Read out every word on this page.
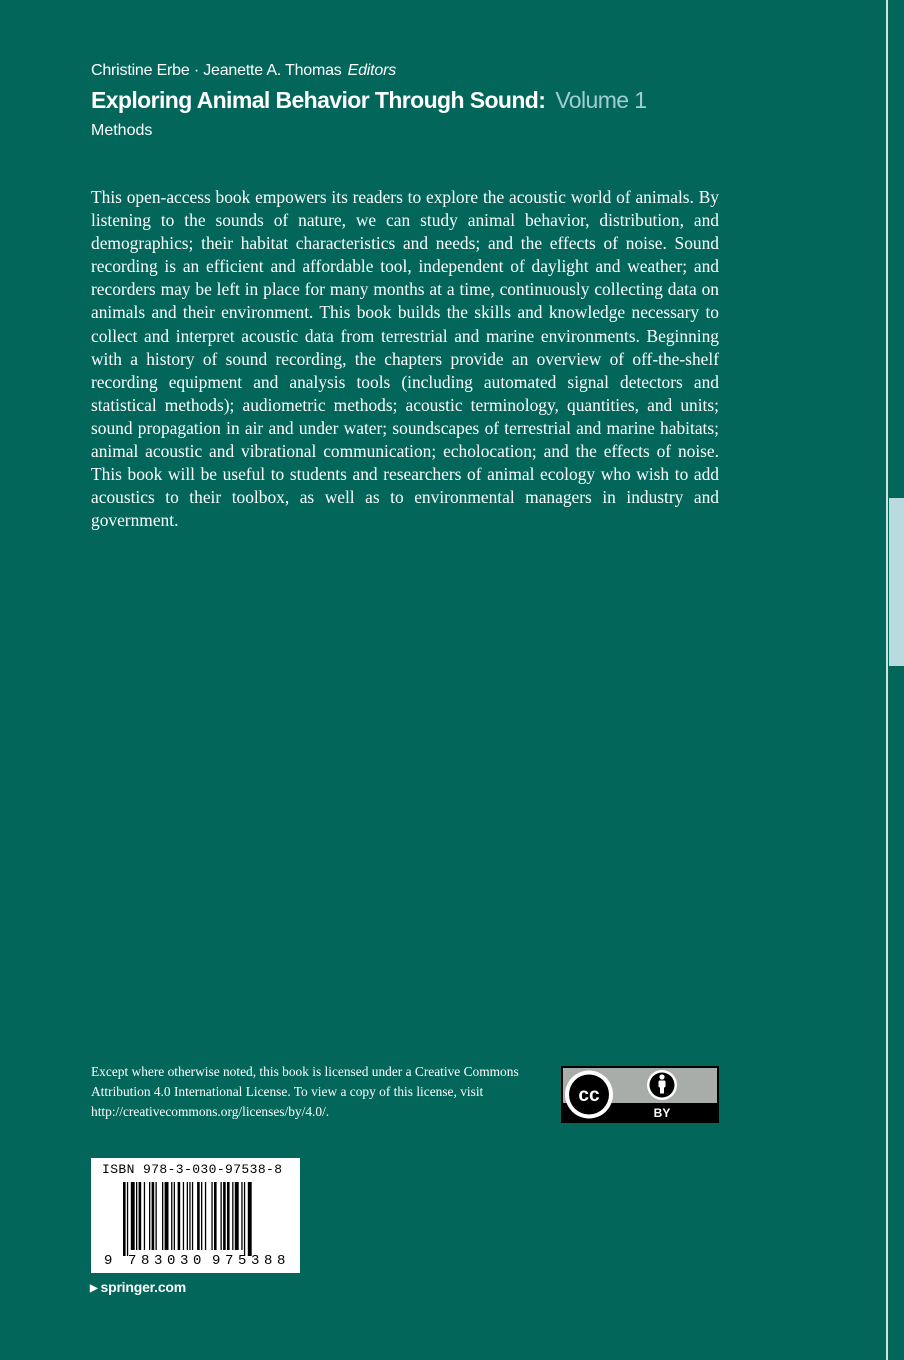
Christine Erbe · Jeanette A. Thomas Editors
Exploring Animal Behavior Through Sound: Volume 1
Methods

This open-access book empowers its readers to explore the acoustic world of animals. By listening to the sounds of nature, we can study animal behavior, distribution, and demographics; their habitat characteristics and needs; and the effects of noise. Sound recording is an efficient and affordable tool, independent of daylight and weather; and recorders may be left in place for many months at a time, continuously collecting data on animals and their environment. This book builds the skills and knowledge necessary to collect and interpret acoustic data from terrestrial and marine environments. Beginning with a history of sound recording, the chapters provide an overview of off-the-shelf recording equipment and analysis tools (including automated signal detectors and statistical methods); audiometric methods; acoustic terminology, quantities, and units; sound propagation in air and under water; soundscapes of terrestrial and marine habitats; animal acoustic and vibrational communication; echolocation; and the effects of noise. This book will be useful to students and researchers of animal ecology who wish to add acoustics to their toolbox, as well as to environmental managers in industry and government.

Except where otherwise noted, this book is licensed under a Creative Commons Attribution 4.0 International License. To view a copy of this license, visit http://creativecommons.org/licenses/by/4.0/.

cc
BY
ISBN 978-3-030-97538-8
9 7 8 3 0 3 0 9 7 5 3 8 8
▶ springer.com
